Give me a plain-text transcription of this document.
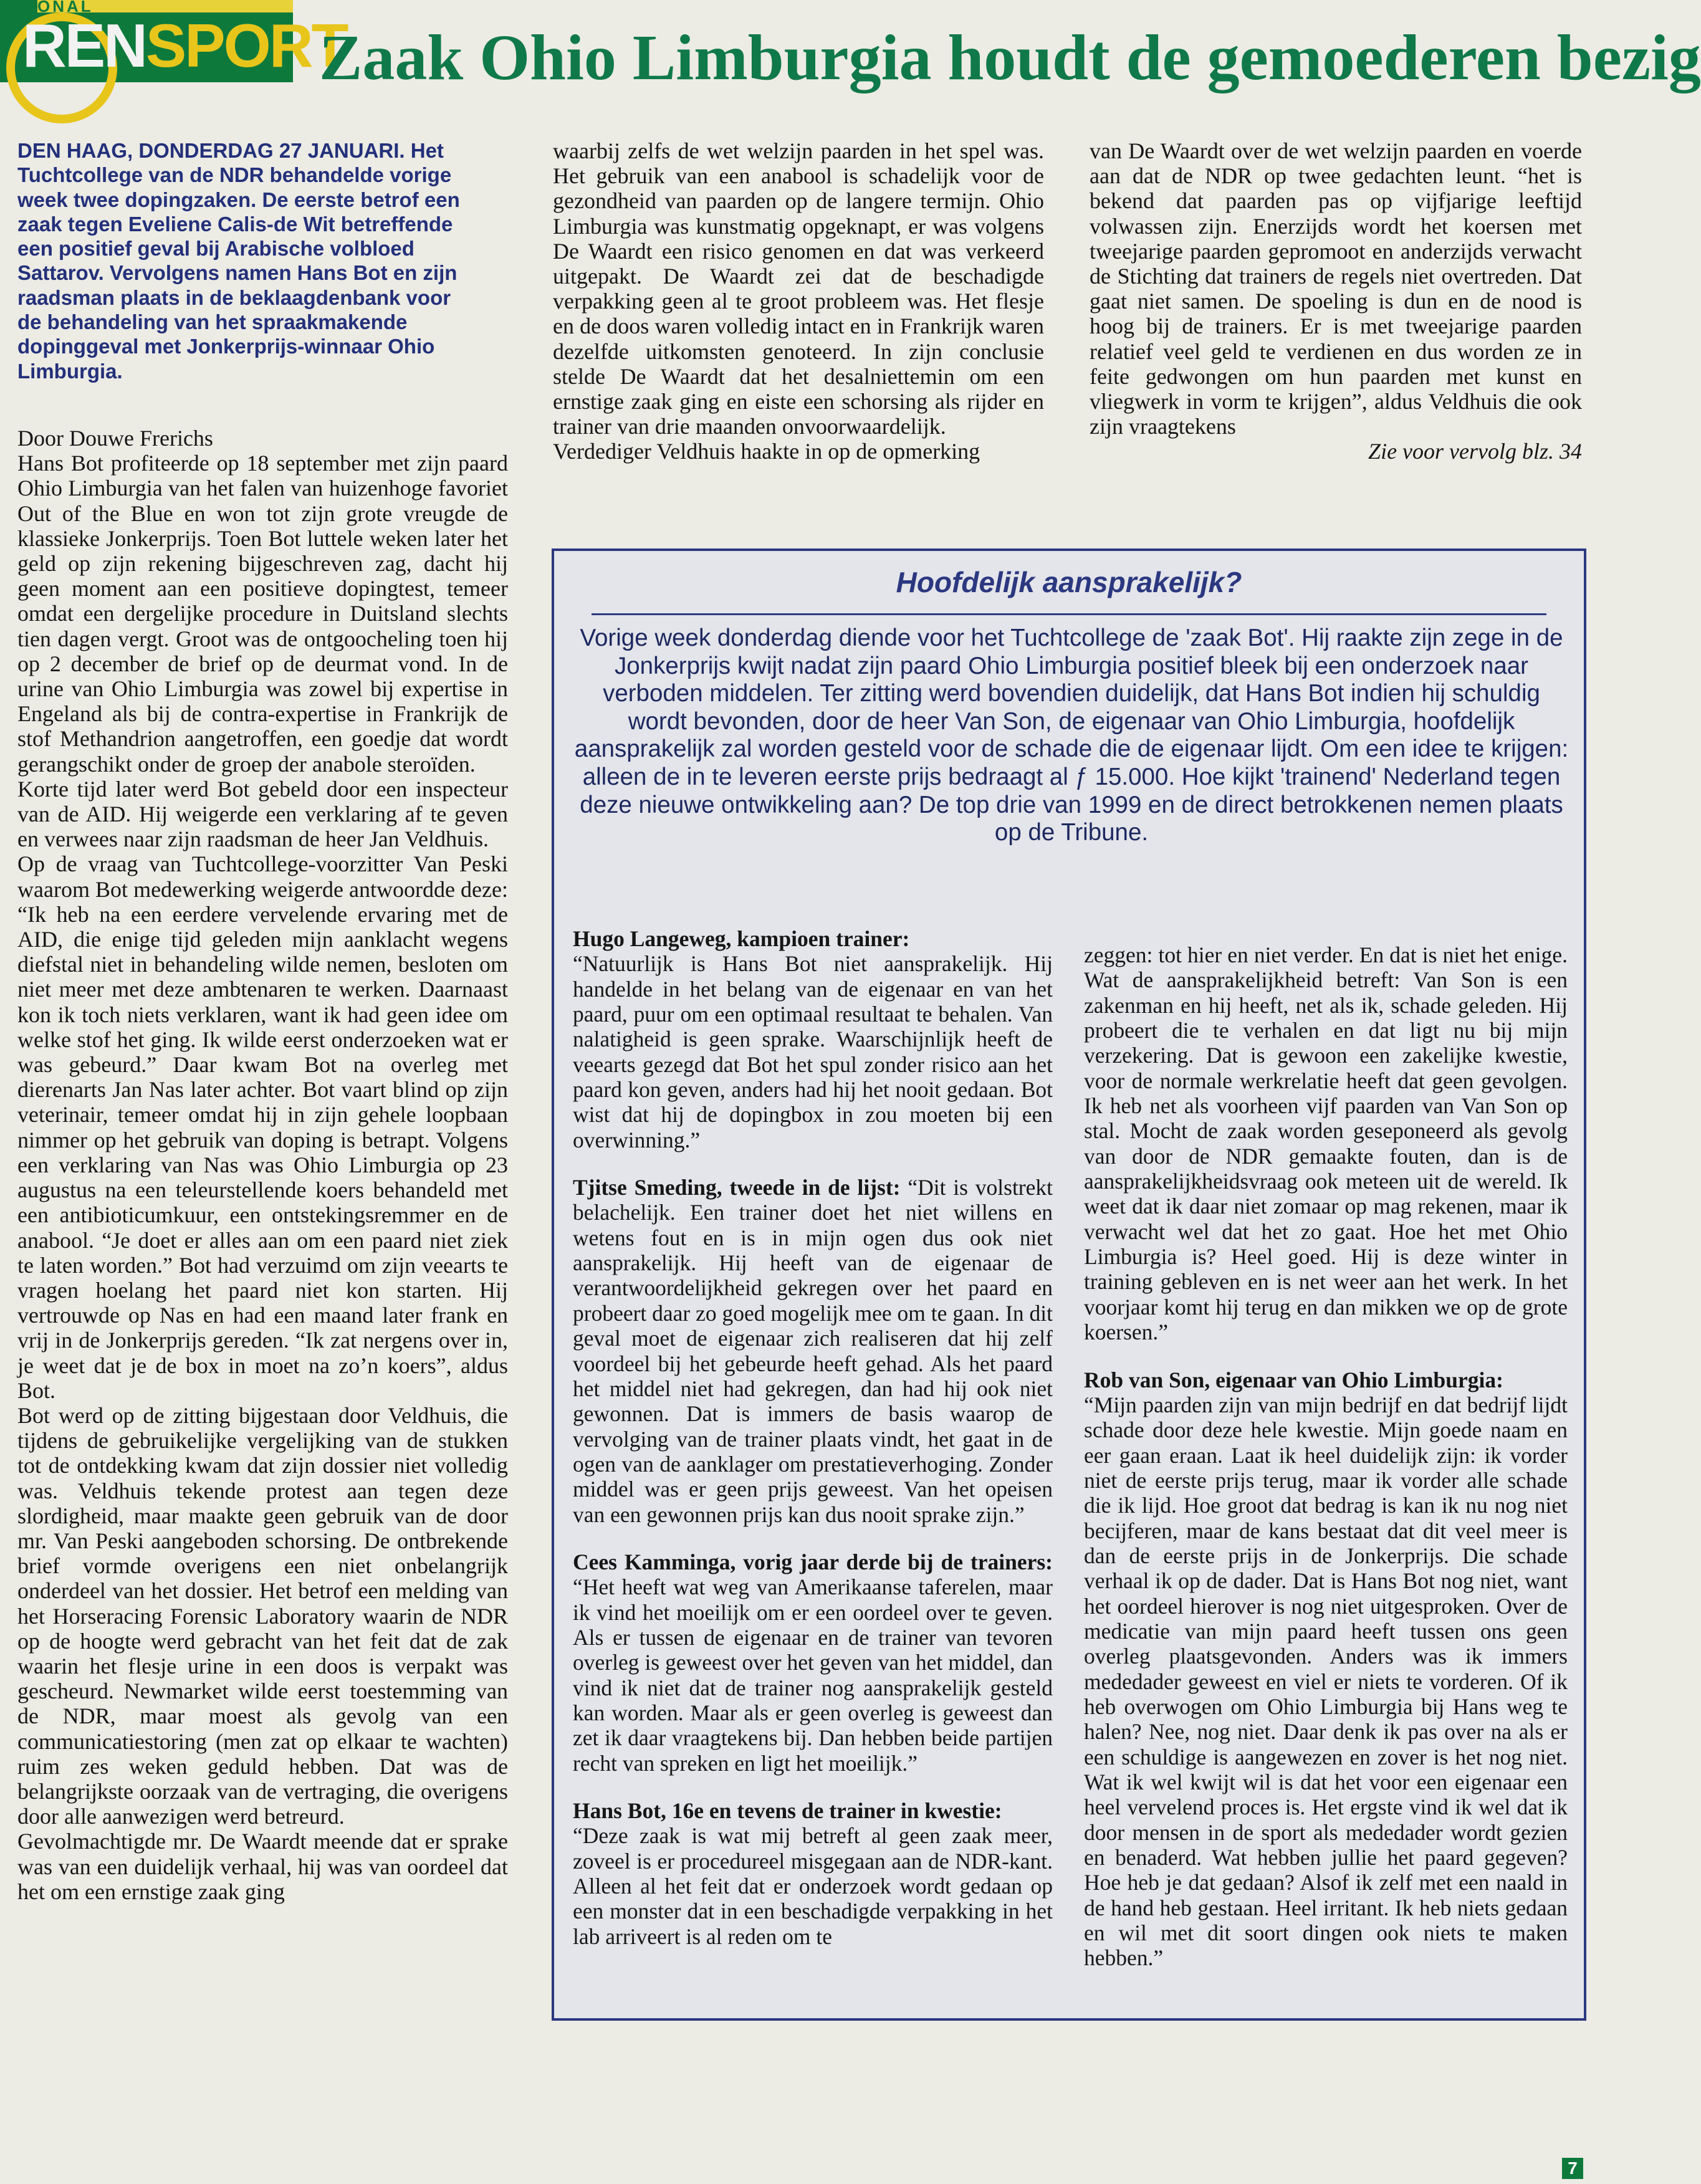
ONAL
RENSPORT
Zaak Ohio Limburgia houdt de gemoederen bezig
DEN HAAG, DONDERDAG 27 JANUARI. Het Tuchtcollege van de NDR behandelde vorige week twee dopingzaken. De eerste betrof een zaak tegen Eveliene Calis-de Wit betreffende een positief geval bij Arabische volbloed Sattarov. Vervolgens namen Hans Bot en zijn raadsman plaats in de beklaagdenbank voor de behandeling van het spraakmakende dopinggeval met Jonkerprijs-winnaar Ohio Limburgia.

Door Douwe Frerichs

Hans Bot profiteerde op 18 september met zijn paard Ohio Limburgia van het falen van huizenhoge favoriet Out of the Blue en won tot zijn grote vreugde de klassieke Jonkerprijs. Toen Bot luttele weken later het geld op zijn rekening bijgeschreven zag, dacht hij geen moment aan een positieve dopingtest, temeer omdat een dergelijke procedure in Duitsland slechts tien dagen vergt. Groot was de ontgoocheling toen hij op 2 december de brief op de deurmat vond. In de urine van Ohio Limburgia was zowel bij expertise in Engeland als bij de contra-expertise in Frankrijk de stof Methandrion aangetroffen, een goedje dat wordt gerangschikt onder de groep der anabole steroïden.

Korte tijd later werd Bot gebeld door een inspecteur van de AID. Hij weigerde een verklaring af te geven en verwees naar zijn raadsman de heer Jan Veldhuis.

Op de vraag van Tuchtcollege-voorzitter Van Peski waarom Bot medewerking weigerde antwoordde deze: “Ik heb na een eerdere vervelende ervaring met de AID, die enige tijd geleden mijn aanklacht wegens diefstal niet in behandeling wilde nemen, besloten om niet meer met deze ambtenaren te werken. Daarnaast kon ik toch niets verklaren, want ik had geen idee om welke stof het ging. Ik wilde eerst onderzoeken wat er was gebeurd.” Daar kwam Bot na overleg met dierenarts Jan Nas later achter. Bot vaart blind op zijn veterinair, temeer omdat hij in zijn gehele loopbaan nimmer op het gebruik van doping is betrapt. Volgens een verklaring van Nas was Ohio Limburgia op 23 augustus na een teleurstellende koers behandeld met een antibioticumkuur, een ontstekingsremmer en de anabool. “Je doet er alles aan om een paard niet ziek te laten worden.” Bot had verzuimd om zijn veearts te vragen hoelang het paard niet kon starten. Hij vertrouwde op Nas en had een maand later frank en vrij in de Jonkerprijs gereden. “Ik zat nergens over in, je weet dat je de box in moet na zo’n koers”, aldus Bot.

Bot werd op de zitting bijgestaan door Veldhuis, die tijdens de gebruikelijke vergelijking van de stukken tot de ontdekking kwam dat zijn dossier niet volledig was. Veldhuis tekende protest aan tegen deze slordigheid, maar maakte geen gebruik van de door mr. Van Peski aangeboden schorsing. De ontbrekende brief vormde overigens een niet onbelangrijk onderdeel van het dossier. Het betrof een melding van het Horseracing Forensic Laboratory waarin de NDR op de hoogte werd gebracht van het feit dat de zak waarin het flesje urine in een doos is verpakt was gescheurd. Newmarket wilde eerst toestemming van de NDR, maar moest als gevolg van een communicatiestoring (men zat op elkaar te wachten) ruim zes weken geduld hebben. Dat was de belangrijkste oorzaak van de vertraging, die overigens door alle aanwezigen werd betreurd.

Gevolmachtigde mr. De Waardt meende dat er sprake was van een duidelijk verhaal, hij was van oordeel dat het om een ernstige zaak ging

waarbij zelfs de wet welzijn paarden in het spel was. Het gebruik van een anabool is schadelijk voor de gezondheid van paarden op de langere termijn. Ohio Limburgia was kunstmatig opgeknapt, er was volgens De Waardt een risico genomen en dat was verkeerd uitgepakt. De Waardt zei dat de beschadigde verpakking geen al te groot probleem was. Het flesje en de doos waren volledig intact en in Frankrijk waren dezelfde uitkomsten genoteerd. In zijn conclusie stelde De Waardt dat het desalniettemin om een ernstige zaak ging en eiste een schorsing als rijder en trainer van drie maanden onvoorwaardelijk.

Verdediger Veldhuis haakte in op de opmerking

van De Waardt over de wet welzijn paarden en voerde aan dat de NDR op twee gedachten leunt. “het is bekend dat paarden pas op vijfjarige leeftijd volwassen zijn. Enerzijds wordt het koersen met tweejarige paarden gepromoot en anderzijds verwacht de Stichting dat trainers de regels niet overtreden. Dat gaat niet samen. De spoeling is dun en de nood is hoog bij de trainers. Er is met tweejarige paarden relatief veel geld te verdienen en dus worden ze in feite gedwongen om hun paarden met kunst en vliegwerk in vorm te krijgen”, aldus Veldhuis die ook zijn vraagtekens

Zie voor vervolg blz. 34

Hoofdelijk aansprakelijk?
Vorige week donderdag diende voor het Tuchtcollege de 'zaak Bot'. Hij raakte zijn zege in de Jonkerprijs kwijt nadat zijn paard Ohio Limburgia positief bleek bij een onderzoek naar verboden middelen. Ter zitting werd bovendien duidelijk, dat Hans Bot indien hij schuldig wordt bevonden, door de heer Van Son, de eigenaar van Ohio Limburgia, hoofdelijk aansprakelijk zal worden gesteld voor de schade die de eigenaar lijdt. Om een idee te krijgen: alleen de in te leveren eerste prijs bedraagt al ƒ 15.000. Hoe kijkt 'trainend' Nederland tegen deze nieuwe ontwikkeling aan? De top drie van 1999 en de direct betrokkenen nemen plaats op de Tribune.

Hugo Langeweg, kampioen trainer:
“Natuurlijk is Hans Bot niet aansprakelijk. Hij handelde in het belang van de eigenaar en van het paard, puur om een optimaal resultaat te behalen. Van nalatigheid is geen sprake. Waarschijnlijk heeft de veearts gezegd dat Bot het spul zonder risico aan het paard kon geven, anders had hij het nooit gedaan. Bot wist dat hij de dopingbox in zou moeten bij een overwinning.”

Tjitse Smeding, tweede in de lijst: “Dit is volstrekt belachelijk. Een trainer doet het niet willens en wetens fout en is in mijn ogen dus ook niet aansprakelijk. Hij heeft van de eigenaar de verantwoordelijkheid gekregen over het paard en probeert daar zo goed mogelijk mee om te gaan. In dit geval moet de eigenaar zich realiseren dat hij zelf voordeel bij het gebeurde heeft gehad. Als het paard het middel niet had gekregen, dan had hij ook niet gewonnen. Dat is immers de basis waarop de vervolging van de trainer plaats vindt, het gaat in de ogen van de aanklager om prestatieverhoging. Zonder middel was er geen prijs geweest. Van het opeisen van een gewonnen prijs kan dus nooit sprake zijn.”

Cees Kamminga, vorig jaar derde bij de trainers: “Het heeft wat weg van Amerikaanse taferelen, maar ik vind het moeilijk om er een oordeel over te geven. Als er tussen de eigenaar en de trainer van tevoren overleg is geweest over het geven van het middel, dan vind ik niet dat de trainer nog aansprakelijk gesteld kan worden. Maar als er geen overleg is geweest dan zet ik daar vraagtekens bij. Dan hebben beide partijen recht van spreken en ligt het moeilijk.”

Hans Bot, 16e en tevens de trainer in kwestie:
“Deze zaak is wat mij betreft al geen zaak meer, zoveel is er procedureel misgegaan aan de NDR-kant. Alleen al het feit dat er onderzoek wordt gedaan op een monster dat in een beschadigde verpakking in het lab arriveert is al reden om te

zeggen: tot hier en niet verder. En dat is niet het enige. Wat de aansprakelijkheid betreft: Van Son is een zakenman en hij heeft, net als ik, schade geleden. Hij probeert die te verhalen en dat ligt nu bij mijn verzekering. Dat is gewoon een zakelijke kwestie, voor de normale werkrelatie heeft dat geen gevolgen. Ik heb net als voorheen vijf paarden van Van Son op stal. Mocht de zaak worden geseponeerd als gevolg van door de NDR gemaakte fouten, dan is de aansprakelijkheidsvraag ook meteen uit de wereld. Ik weet dat ik daar niet zomaar op mag rekenen, maar ik verwacht wel dat het zo gaat. Hoe het met Ohio Limburgia is? Heel goed. Hij is deze winter in training gebleven en is net weer aan het werk. In het voorjaar komt hij terug en dan mikken we op de grote koersen.”

Rob van Son, eigenaar van Ohio Limburgia:
“Mijn paarden zijn van mijn bedrijf en dat bedrijf lijdt schade door deze hele kwestie. Mijn goede naam en eer gaan eraan. Laat ik heel duidelijk zijn: ik vorder niet de eerste prijs terug, maar ik vorder alle schade die ik lijd. Hoe groot dat bedrag is kan ik nu nog niet becijferen, maar de kans bestaat dat dit veel meer is dan de eerste prijs in de Jonkerprijs. Die schade verhaal ik op de dader. Dat is Hans Bot nog niet, want het oordeel hierover is nog niet uitgesproken. Over de medicatie van mijn paard heeft tussen ons geen overleg plaatsgevonden. Anders was ik immers mededader geweest en viel er niets te vorderen. Of ik heb overwogen om Ohio Limburgia bij Hans weg te halen? Nee, nog niet. Daar denk ik pas over na als er een schuldige is aangewezen en zover is het nog niet. Wat ik wel kwijt wil is dat het voor een eigenaar een heel vervelend proces is. Het ergste vind ik wel dat ik door mensen in de sport als mededader wordt gezien en benaderd. Wat hebben jullie het paard gegeven? Hoe heb je dat gedaan? Alsof ik zelf met een naald in de hand heb gestaan. Heel irritant. Ik heb niets gedaan en wil met dit soort dingen ook niets te maken hebben.”

7
